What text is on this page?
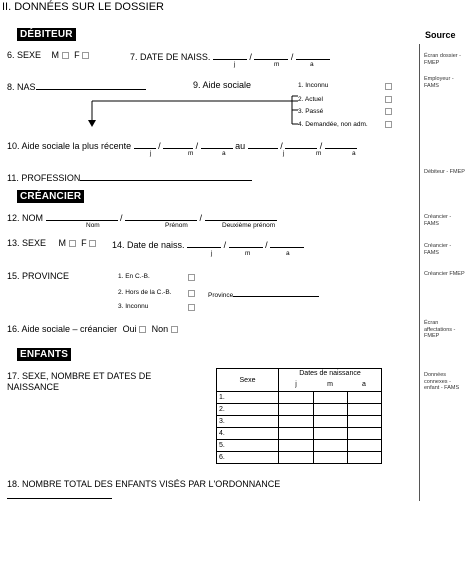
II. DONNÉES SUR LE DOSSIER
Source
DÉBITEUR
6. SEXE M F	7. DATE DE NAISS.	/	/
j	m	a
8. NAS	9. Aide sociale	1. Inconnu
2. Actuel
3. Passé
4. Demandée, non adm.
10. Aide sociale la plus récente	/	/	au	/	/
j	m	a	j	m	a
11. PROFESSION
CRÉANCIER
12. NOM	/	/
Nom	Prénom	Deuxième prénom
13. SEXE M F	14. Date de naiss.	/	/
j	m	a
15. PROVINCE	1. En C.-B.
2. Hors de la C.-B.	Province
3. Inconnu
16. Aide sociale – créancier Oui Non
ENFANTS
17. SEXE, NOMBRE ET DATES DE
NAISSANCE
Sexe	Dates de naissance		
	j	m	a
1.			
2.			
3.			
4.			
5.			
6.			
18. NOMBRE TOTAL DES ENFANTS VISÉS PAR L'ORDONNANCE
Écran dossier - FMEP
Employeur - FAMS
Débiteur - FMEP
Créancier - FAMS
Créancier - FAMS
Créancier FMEP
Écran affectations - FMEP
Données connexes - enfant - FAMS
